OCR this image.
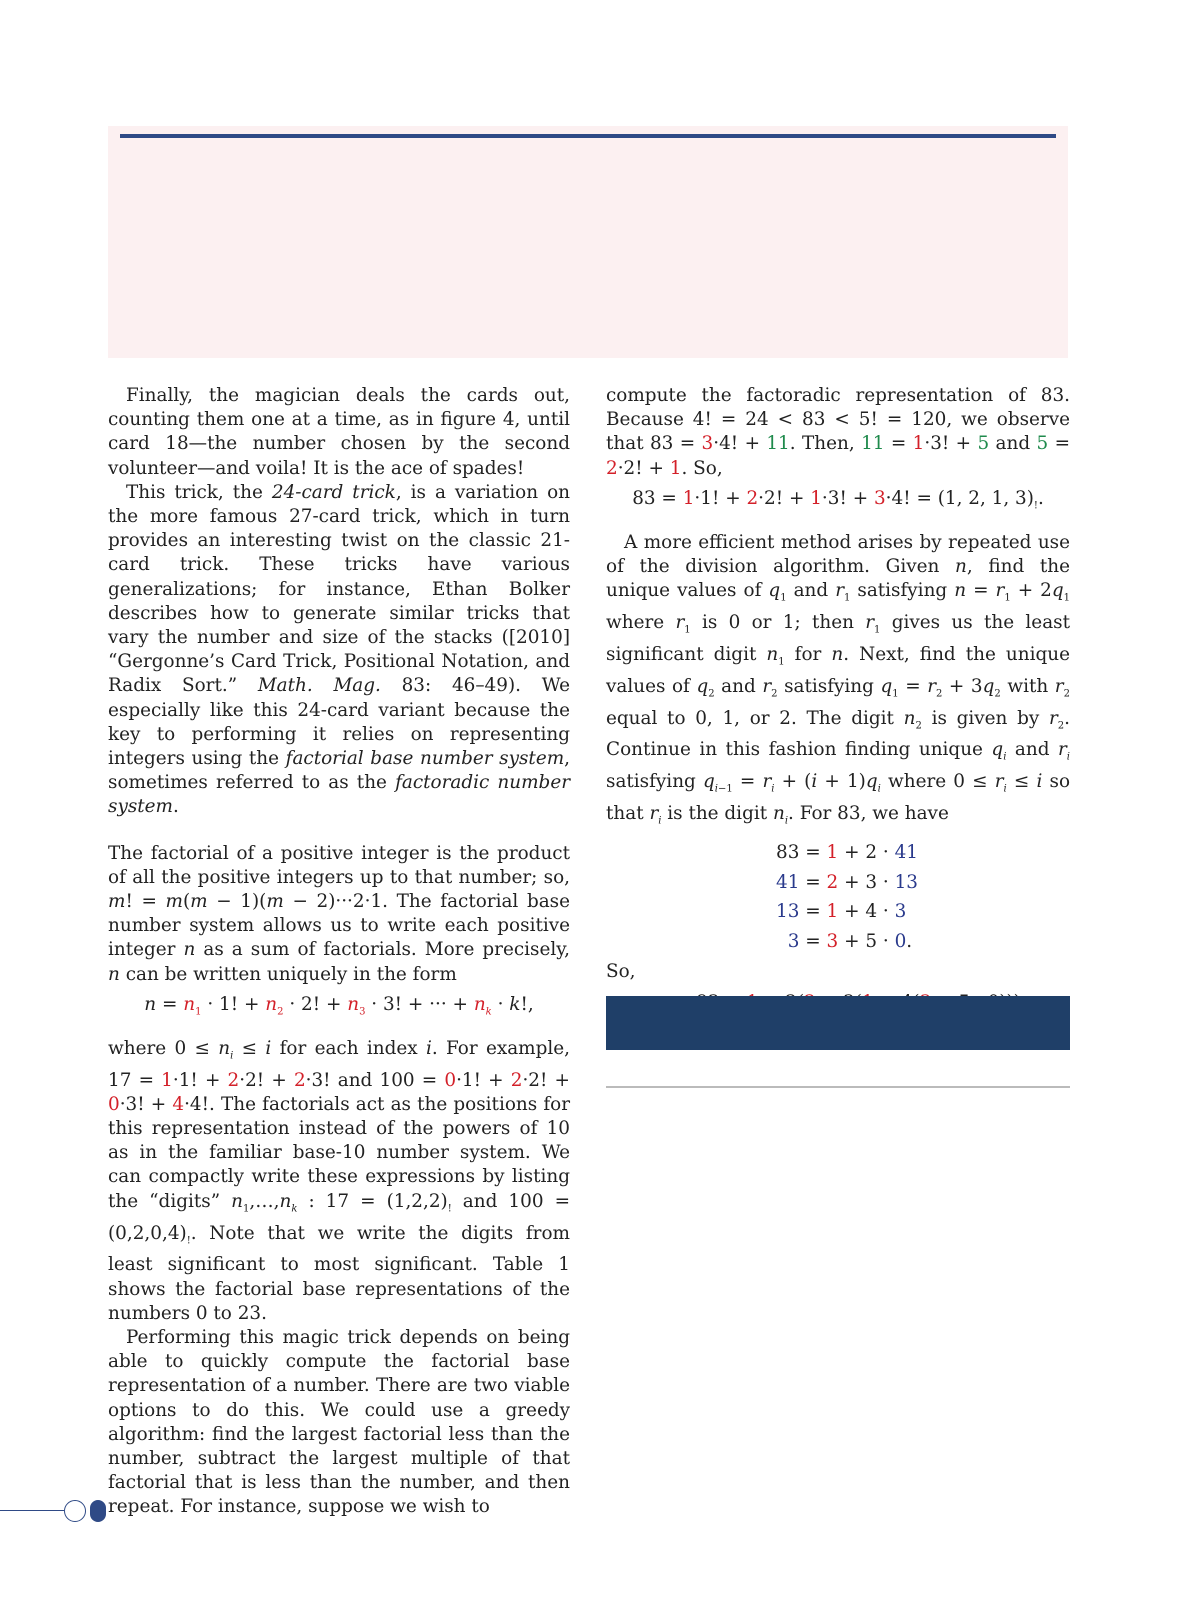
Finally, the magician deals the cards out, counting them one at a time, as in figure 4, until card 18—the number chosen by the second volunteer—and voila! It is the ace of spades!

This trick, the 24-card trick, is a variation on the more famous 27-card trick, which in turn provides an interesting twist on the classic 21-card trick. These tricks have various generalizations; for instance, Ethan Bolker describes how to generate similar tricks that vary the number and size of the stacks ([2010] “Gergonne’s Card Trick, Positional Notation, and Radix Sort.” Math. Mag. 83: 46–49). We especially like this 24-card variant because the key to performing it relies on representing integers using the factorial base number system, sometimes referred to as the factoradic number system.

The factorial of a positive integer is the product of all the positive integers up to that number; so, m! = m(m − 1)(m − 2)···2·1. The factorial base number system allows us to write each positive integer n as a sum of factorials. More precisely, n can be written uniquely in the form

$n = n_1 \cdot 1$! + $n_2 \cdot 2$! + $n_3 \cdot 3$! + ··· + $n_k \cdot k$!,

where $0 \le n_i \le i$ for each index i. For example, 17 = 1·1! + 2·2! + 2·3! and 100 = 0·1! + 2·2! + 0·3! + 4·4!. The factorials act as the positions for this representation instead of the powers of 10 as in the familiar base-10 number system. We can compactly write these expressions by listing the “digits” $n_1,\dots,n_k$ : $17 = (1,2,2)_!$ and $100 = (0,2,0,4)_!$. Note that we write the digits from least significant to most significant. Table 1 shows the factorial base representations of the numbers 0 to 23.

Performing this magic trick depends on being able to quickly compute the factorial base representation of a number. There are two viable options to do this. We could use a greedy algorithm: find the largest factorial less than the number, subtract the largest multiple of that factorial that is less than the number, and then repeat. For instance, suppose we wish to

compute the factoradic representation of 83. Because 4! = 24 < 83 < 5! = 120, we observe that 83 = 3·4! + 11. Then, 11 = 1·3! + 5 and 5 = 2·2! + 1. So,

83 = 1·1! + 2·2! + 1·3! + 3·4! = (1, 2, 1, $3)_!$.

A more efficient method arises by repeated use of the division algorithm. Given n, find the unique values of $q_1$ and $r_1$ satisfying $n = r_1 + 2q_1$ where $r_1$ is 0 or 1; then $r_1$ gives us the least significant digit $n_1$ for n. Next, find the unique values of $q_2$ and $r_2$ satisfying $q_1 = r_2 + 3q_2$ with $r_2$ equal to 0, 1, or 2. The digit $n_2$ is given by $r_2$. Continue in this fashion finding unique $q_i$ and $r_i$ satisfying $q_{i-1} = r_i + (i + 1)q_i$ where $0 \le r_i \le i$ so that $r_i$ is the digit $n_i$. For 83, we have

83 = 1 + 2 · 41
41 = 2 + 3 · 13
13 = 1 + 4 · 3
3 = 3 + 5 · 0.

So,
